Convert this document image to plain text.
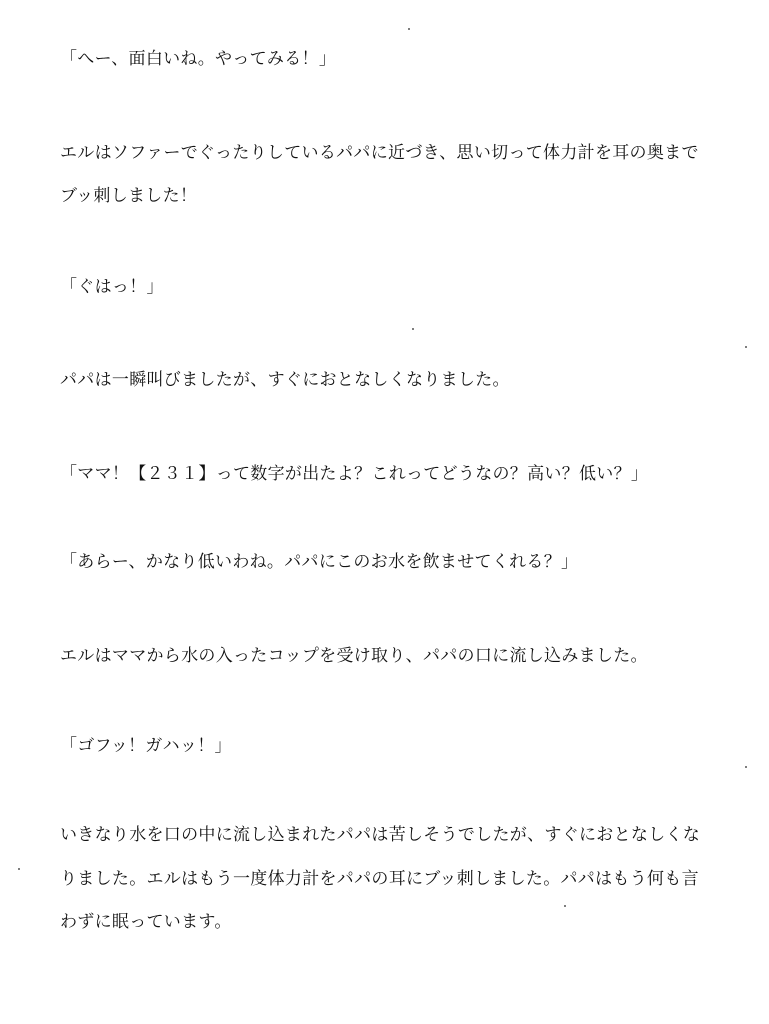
「へー、面白いね。やってみる！」

エルはソファーでぐったりしているパパに近づき、思い切って体力計を耳の奥まで

ブッ刺しました！

「ぐはっ！」

パパは一瞬叫びましたが、すぐにおとなしくなりました。

「ママ！【２３１】って数字が出たよ？これってどうなの？高い？低い？」

「あらー、かなり低いわね。パパにこのお水を飲ませてくれる？」

エルはママから水の入ったコップを受け取り、パパの口に流し込みました。

「ゴフッ！ガハッ！」

いきなり水を口の中に流し込まれたパパは苦しそうでしたが、すぐにおとなしくな

りました。エルはもう一度体力計をパパの耳にブッ刺しました。パパはもう何も言

わずに眠っています。
